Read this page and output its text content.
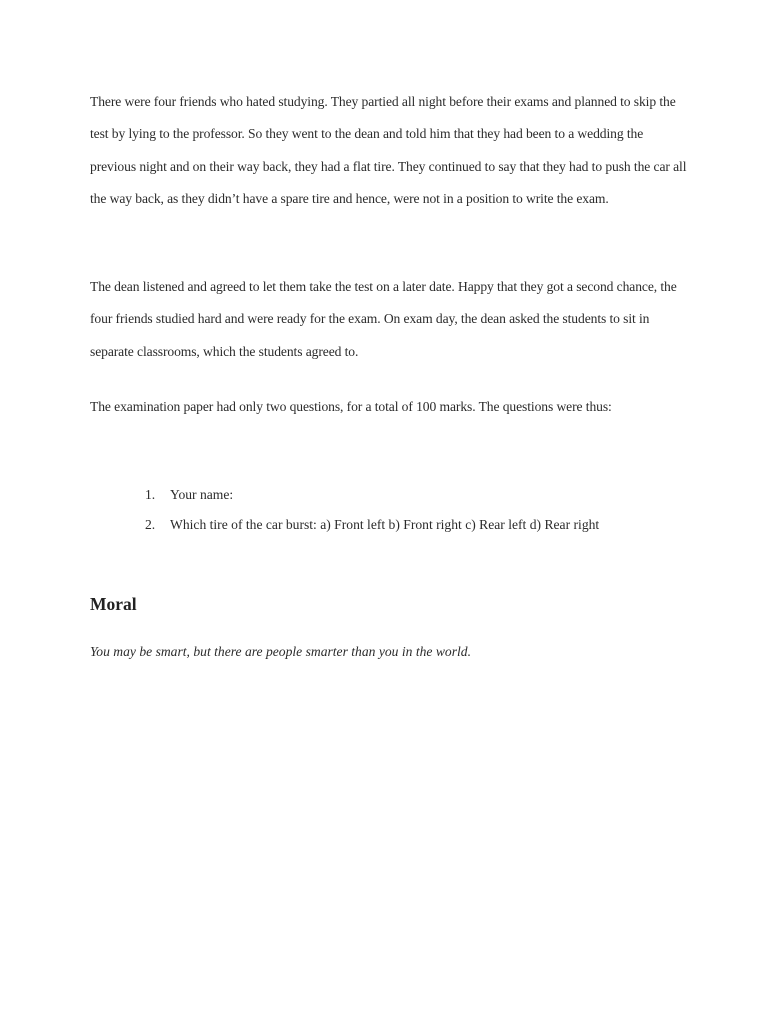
There were four friends who hated studying. They partied all night before their exams and planned to skip the test by lying to the professor. So they went to the dean and told him that they had been to a wedding the previous night and on their way back, they had a flat tire. They continued to say that they had to push the car all the way back, as they didn’t have a spare tire and hence, were not in a position to write the exam.

The dean listened and agreed to let them take the test on a later date. Happy that they got a second chance, the four friends studied hard and were ready for the exam. On exam day, the dean asked the students to sit in separate classrooms, which the students agreed to.

The examination paper had only two questions, for a total of 100 marks. The questions were thus:

1. Your name:
2. Which tire of the car burst: a) Front left b) Front right c) Rear left d) Rear right
Moral

You may be smart, but there are people smarter than you in the world.
